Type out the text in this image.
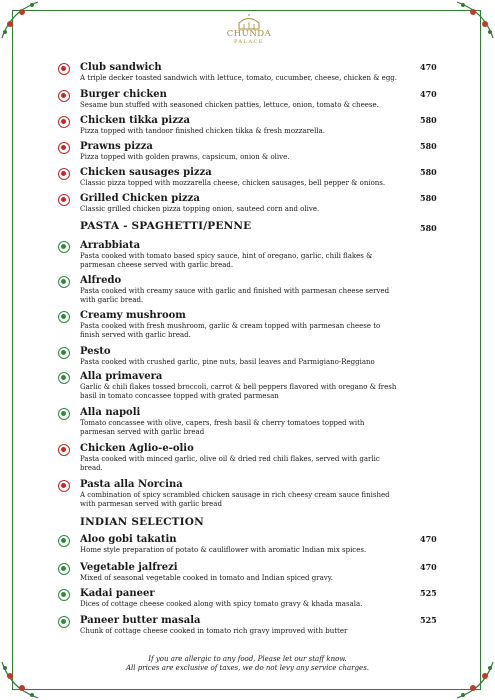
CHUNDA
PALACE
Club sandwich
A triple decker toasted sandwich with lettuce, tomato, cucumber, cheese, chicken & egg.
470
Burger chicken
Sesame bun stuffed with seasoned chicken patties, lettuce, onion, tomato & cheese.
470
Chicken tikka pizza
Pizza topped with tandoor finished chicken tikka & fresh mozzarella.
580
Prawns pizza
Pizza topped with golden prawns, capsicum, onion & olive.
580
Chicken sausages pizza
Classic pizza topped with mozzarella cheese, chicken sausages, bell pepper & onions.
580
Grilled Chicken pizza
Classic grilled chicken pizza topping onion, sauteed corn and olive.
580
PASTA - SPAGHETTI/PENNE	580
Arrabbiata
Pasta cooked with tomato based spicy sauce, hint of oregano, garlic, chili flakes & parmesan cheese served with garlic bread.
Alfredo
Pasta cooked with creamy sauce with garlic and finished with parmesan cheese served with garlic bread.
Creamy mushroom
Pasta cooked with fresh mushroom, garlic & cream topped with parmesan cheese to finish served with garlic bread.
Pesto
Pasta cooked with crushed garlic, pine nuts, basil leaves and Parmigiano-Reggiano
Alla primavera
Garlic & chili flakes tossed broccoli, carrot & bell peppers flavored with oregano & fresh basil in tomato concassee topped with grated parmesan
Alla napoli
Tomato concassee with olive, capers, fresh basil & cherry tomatoes topped with parmesan served with garlic bread
Chicken Aglio-e-olio
Pasta cooked with minced garlic, olive oil & dried red chili flakes, served with garlic bread.
Pasta alla Norcina
A combination of spicy scrambled chicken sausage in rich cheesy cream sauce finished with parmesan served with garlic bread
INDIAN SELECTION
Aloo gobi takatin
Home style preparation of potato & cauliflower with aromatic Indian mix spices.
470
Vegetable jalfrezi
Mixed of seasonal vegetable cooked in tomato and Indian spiced gravy.
470
Kadai paneer
Dices of cottage cheese cooked along with spicy tomato gravy & khada masala.
525
Paneer butter masala
Chunk of cottage cheese cooked in tomato rich gravy improved with butter
525
If you are allergic to any food, Please let our staff know.
All prices are exclusive of taxes, we do not levy any service charges.
